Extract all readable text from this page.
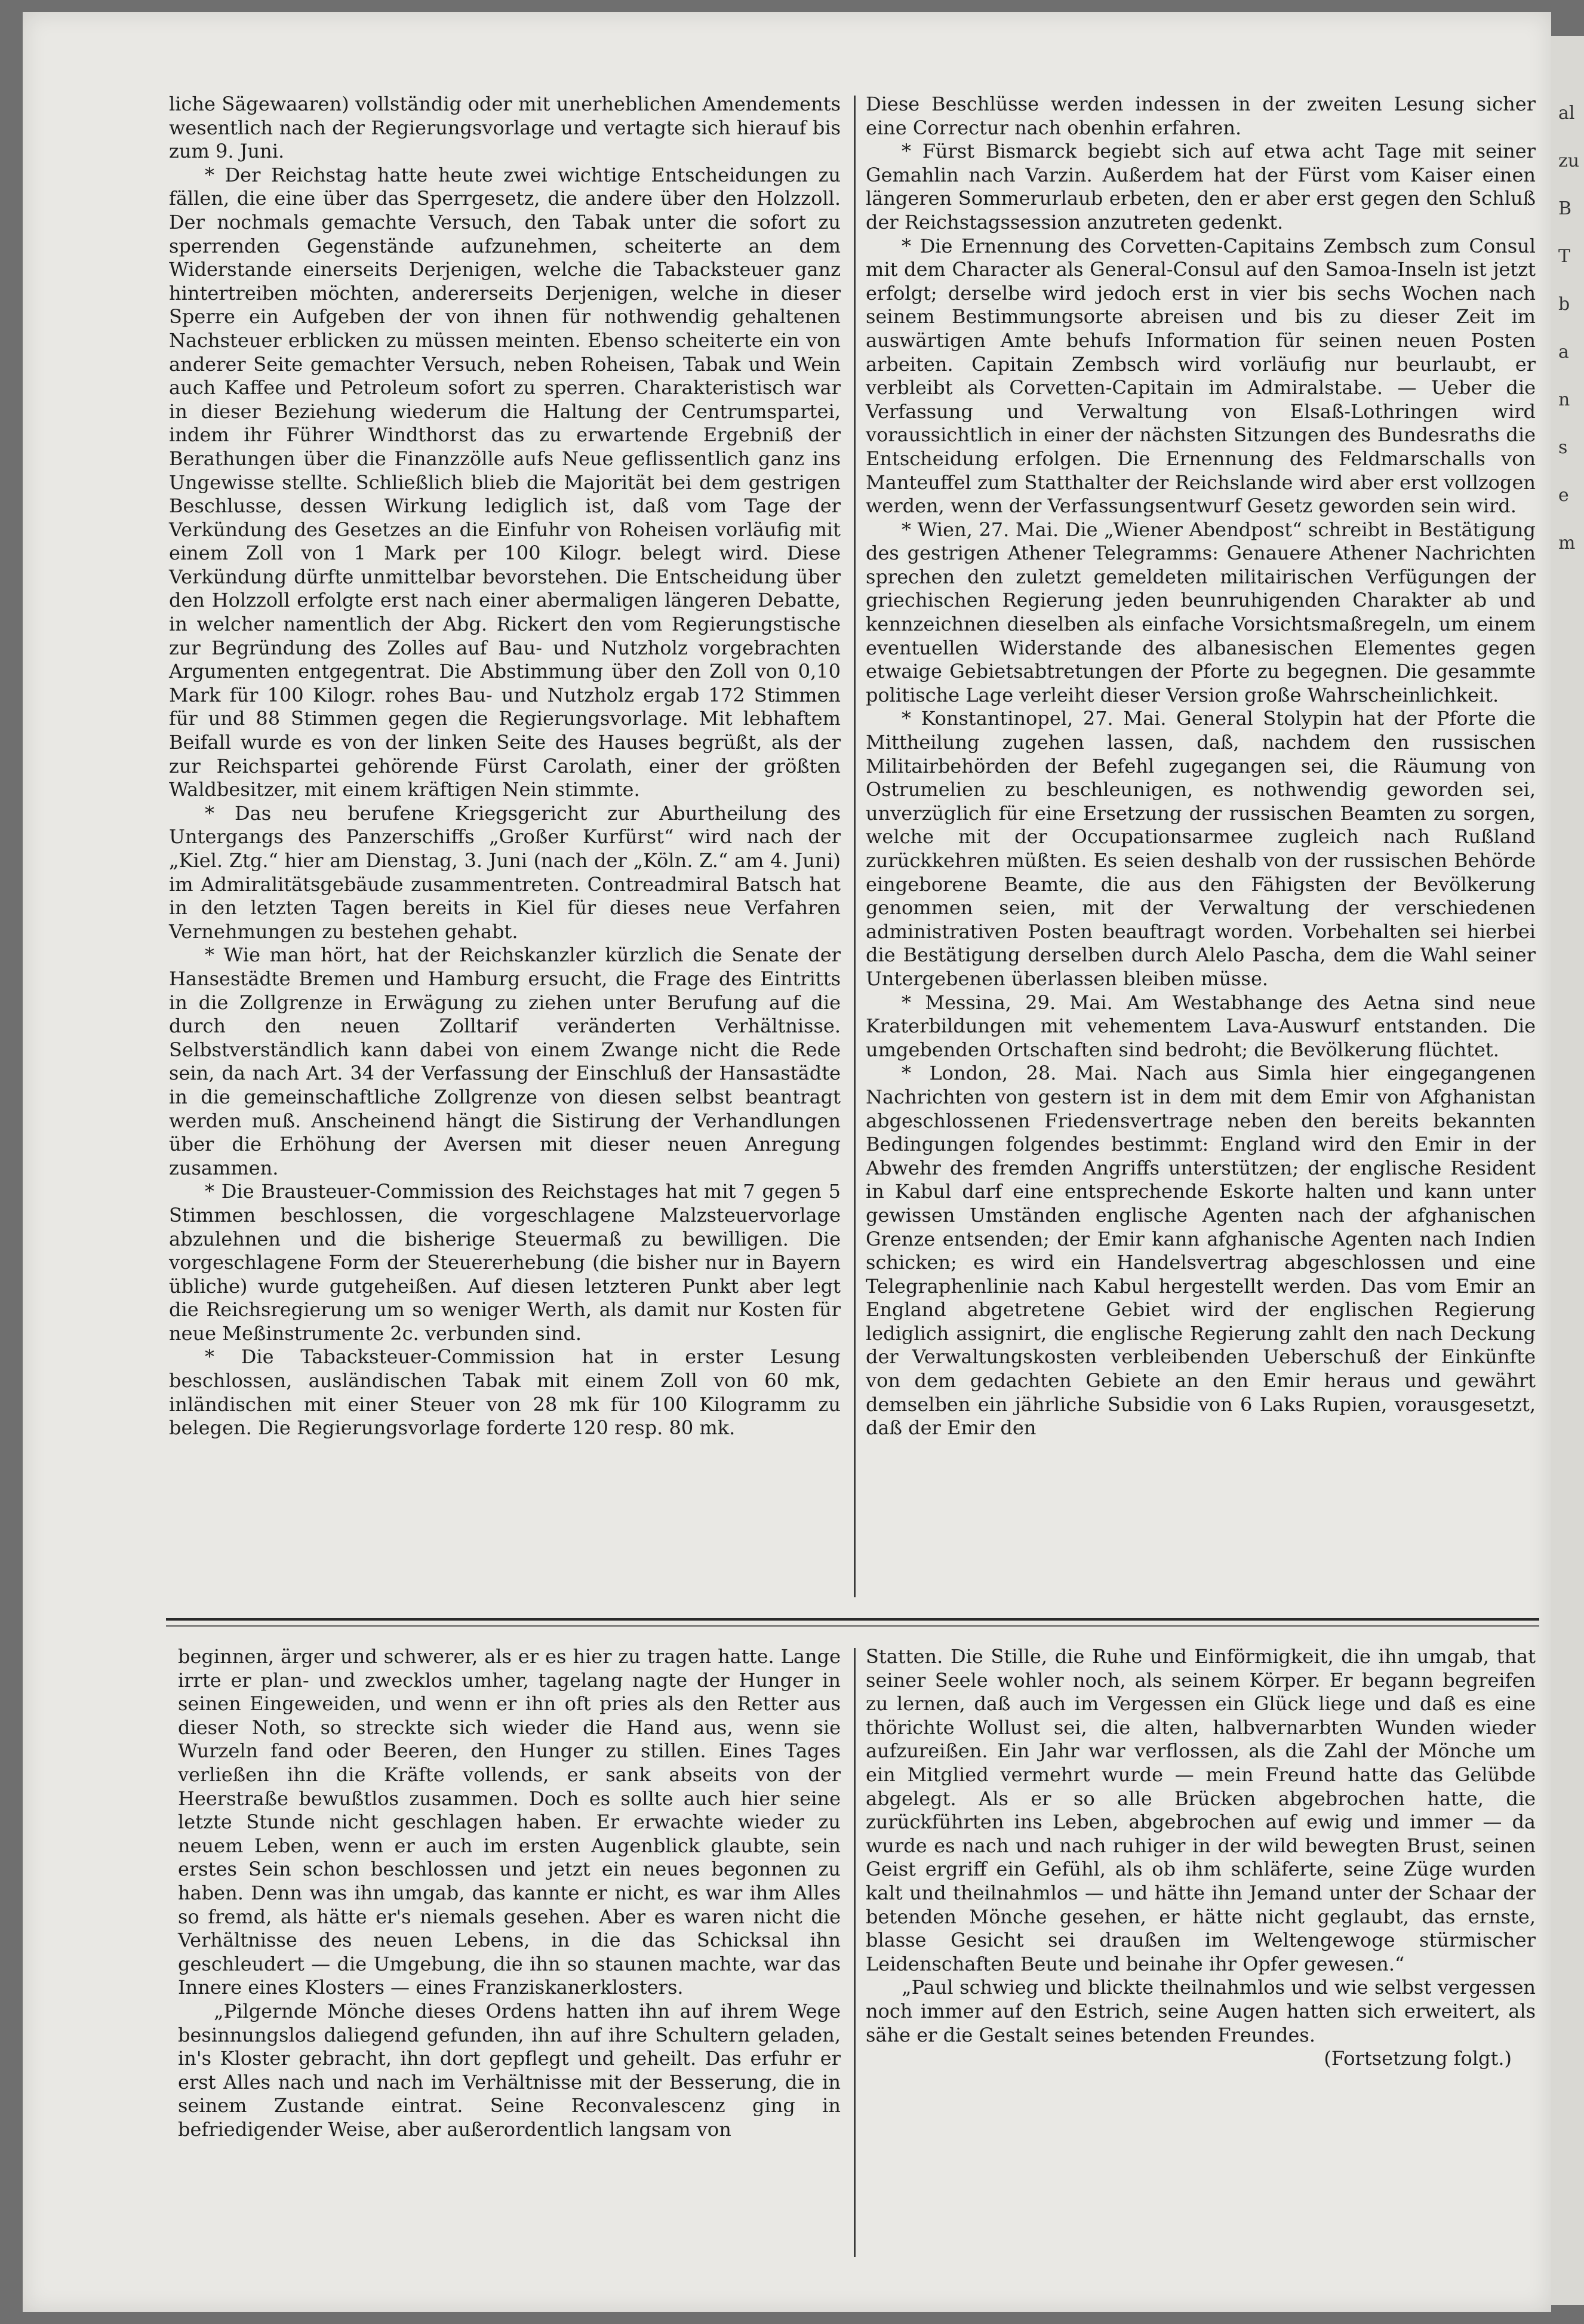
liche Sägewaaren) vollständig oder mit unerheblichen Amendements wesentlich nach der Regierungsvorlage und vertagte sich hierauf bis zum 9. Juni.

* Der Reichstag hatte heute zwei wichtige Entscheidungen zu fällen, die eine über das Sperrgesetz, die andere über den Holzzoll. Der nochmals gemachte Versuch, den Tabak unter die sofort zu sperrenden Gegenstände aufzunehmen, scheiterte an dem Widerstande einerseits Derjenigen, welche die Tabacksteuer ganz hintertreiben möchten, andererseits Derjenigen, welche in dieser Sperre ein Aufgeben der von ihnen für nothwendig gehaltenen Nachsteuer erblicken zu müssen meinten. Ebenso scheiterte ein von anderer Seite gemachter Versuch, neben Roheisen, Tabak und Wein auch Kaffee und Petroleum sofort zu sperren. Charakteristisch war in dieser Beziehung wiederum die Haltung der Centrumspartei, indem ihr Führer Windthorst das zu erwartende Ergebniß der Berathungen über die Finanzzölle aufs Neue geflissentlich ganz ins Ungewisse stellte. Schließlich blieb die Majorität bei dem gestrigen Beschlusse, dessen Wirkung lediglich ist, daß vom Tage der Verkündung des Gesetzes an die Einfuhr von Roheisen vorläufig mit einem Zoll von 1 Mark per 100 Kilogr. belegt wird. Diese Verkündung dürfte unmittelbar bevorstehen. Die Entscheidung über den Holzzoll erfolgte erst nach einer abermaligen längeren Debatte, in welcher namentlich der Abg. Rickert den vom Regierungstische zur Begründung des Zolles auf Bau- und Nutzholz vorgebrachten Argumenten entgegentrat. Die Abstimmung über den Zoll von 0,10 Mark für 100 Kilogr. rohes Bau- und Nutzholz ergab 172 Stimmen für und 88 Stimmen gegen die Regierungsvorlage. Mit lebhaftem Beifall wurde es von der linken Seite des Hauses begrüßt, als der zur Reichspartei gehörende Fürst Carolath, einer der größten Waldbesitzer, mit einem kräftigen Nein stimmte.

* Das neu berufene Kriegsgericht zur Aburtheilung des Untergangs des Panzerschiffs „Großer Kurfürst“ wird nach der „Kiel. Ztg.“ hier am Dienstag, 3. Juni (nach der „Köln. Z.“ am 4. Juni) im Admiralitätsgebäude zusammentreten. Contreadmiral Batsch hat in den letzten Tagen bereits in Kiel für dieses neue Verfahren Vernehmungen zu bestehen gehabt.

* Wie man hört, hat der Reichskanzler kürzlich die Senate der Hansestädte Bremen und Hamburg ersucht, die Frage des Eintritts in die Zollgrenze in Erwägung zu ziehen unter Berufung auf die durch den neuen Zolltarif veränderten Verhältnisse. Selbstverständlich kann dabei von einem Zwange nicht die Rede sein, da nach Art. 34 der Verfassung der Einschluß der Hansastädte in die gemeinschaftliche Zollgrenze von diesen selbst beantragt werden muß. Anscheinend hängt die Sistirung der Verhandlungen über die Erhöhung der Aversen mit dieser neuen Anregung zusammen.

* Die Brausteuer-Commission des Reichstages hat mit 7 gegen 5 Stimmen beschlossen, die vorgeschlagene Malzsteuervorlage abzulehnen und die bisherige Steuermaß zu bewilligen. Die vorgeschlagene Form der Steuererhebung (die bisher nur in Bayern übliche) wurde gutgeheißen. Auf diesen letzteren Punkt aber legt die Reichsregierung um so weniger Werth, als damit nur Kosten für neue Meßinstrumente 2c. verbunden sind.

* Die Tabacksteuer-Commission hat in erster Lesung beschlossen, ausländischen Tabak mit einem Zoll von 60 mk, inländischen mit einer Steuer von 28 mk für 100 Kilogramm zu belegen. Die Regierungsvorlage forderte 120 resp. 80 mk.

Diese Beschlüsse werden indessen in der zweiten Lesung sicher eine Correctur nach obenhin erfahren.

* Fürst Bismarck begiebt sich auf etwa acht Tage mit seiner Gemahlin nach Varzin. Außerdem hat der Fürst vom Kaiser einen längeren Sommerurlaub erbeten, den er aber erst gegen den Schluß der Reichstagssession anzutreten gedenkt.

* Die Ernennung des Corvetten-Capitains Zembsch zum Consul mit dem Character als General-Consul auf den Samoa-Inseln ist jetzt erfolgt; derselbe wird jedoch erst in vier bis sechs Wochen nach seinem Bestimmungsorte abreisen und bis zu dieser Zeit im auswärtigen Amte behufs Information für seinen neuen Posten arbeiten. Capitain Zembsch wird vorläufig nur beurlaubt, er verbleibt als Corvetten-Capitain im Admiralstabe. — Ueber die Verfassung und Verwaltung von Elsaß-Lothringen wird voraussichtlich in einer der nächsten Sitzungen des Bundesraths die Entscheidung erfolgen. Die Ernennung des Feldmarschalls von Manteuffel zum Statthalter der Reichslande wird aber erst vollzogen werden, wenn der Verfassungsentwurf Gesetz geworden sein wird.

* Wien, 27. Mai. Die „Wiener Abendpost“ schreibt in Bestätigung des gestrigen Athener Telegramms: Genauere Athener Nachrichten sprechen den zuletzt gemeldeten militairischen Verfügungen der griechischen Regierung jeden beunruhigenden Charakter ab und kennzeichnen dieselben als einfache Vorsichtsmaßregeln, um einem eventuellen Widerstande des albanesischen Elementes gegen etwaige Gebietsabtretungen der Pforte zu begegnen. Die gesammte politische Lage verleiht dieser Version große Wahrscheinlichkeit.

* Konstantinopel, 27. Mai. General Stolypin hat der Pforte die Mittheilung zugehen lassen, daß, nachdem den russischen Militairbehörden der Befehl zugegangen sei, die Räumung von Ostrumelien zu beschleunigen, es nothwendig geworden sei, unverzüglich für eine Ersetzung der russischen Beamten zu sorgen, welche mit der Occupationsarmee zugleich nach Rußland zurückkehren müßten. Es seien deshalb von der russischen Behörde eingeborene Beamte, die aus den Fähigsten der Bevölkerung genommen seien, mit der Verwaltung der verschiedenen administrativen Posten beauftragt worden. Vorbehalten sei hierbei die Bestätigung derselben durch Alelo Pascha, dem die Wahl seiner Untergebenen überlassen bleiben müsse.

* Messina, 29. Mai. Am Westabhange des Aetna sind neue Kraterbildungen mit vehementem Lava-Auswurf entstanden. Die umgebenden Ortschaften sind bedroht; die Bevölkerung flüchtet.

* London, 28. Mai. Nach aus Simla hier eingegangenen Nachrichten von gestern ist in dem mit dem Emir von Afghanistan abgeschlossenen Friedensvertrage neben den bereits bekannten Bedingungen folgendes bestimmt: England wird den Emir in der Abwehr des fremden Angriffs unterstützen; der englische Resident in Kabul darf eine entsprechende Eskorte halten und kann unter gewissen Umständen englische Agenten nach der afghanischen Grenze entsenden; der Emir kann afghanische Agenten nach Indien schicken; es wird ein Handelsvertrag abgeschlossen und eine Telegraphenlinie nach Kabul hergestellt werden. Das vom Emir an England abgetretene Gebiet wird der englischen Regierung lediglich assignirt, die englische Regierung zahlt den nach Deckung der Verwaltungskosten verbleibenden Ueberschuß der Einkünfte von dem gedachten Gebiete an den Emir heraus und gewährt demselben ein jährliche Subsidie von 6 Laks Rupien, vorausgesetzt, daß der Emir den

beginnen, ärger und schwerer, als er es hier zu tragen hatte. Lange irrte er plan- und zwecklos umher, tagelang nagte der Hunger in seinen Eingeweiden, und wenn er ihn oft pries als den Retter aus dieser Noth, so streckte sich wieder die Hand aus, wenn sie Wurzeln fand oder Beeren, den Hunger zu stillen. Eines Tages verließen ihn die Kräfte vollends, er sank abseits von der Heerstraße bewußtlos zusammen. Doch es sollte auch hier seine letzte Stunde nicht geschlagen haben. Er erwachte wieder zu neuem Leben, wenn er auch im ersten Augenblick glaubte, sein erstes Sein schon beschlossen und jetzt ein neues begonnen zu haben. Denn was ihn umgab, das kannte er nicht, es war ihm Alles so fremd, als hätte er's niemals gesehen. Aber es waren nicht die Verhältnisse des neuen Lebens, in die das Schicksal ihn geschleudert — die Umgebung, die ihn so staunen machte, war das Innere eines Klosters — eines Franziskanerklosters.

„Pilgernde Mönche dieses Ordens hatten ihn auf ihrem Wege besinnungslos daliegend gefunden, ihn auf ihre Schultern geladen, in's Kloster gebracht, ihn dort gepflegt und geheilt. Das erfuhr er erst Alles nach und nach im Verhältnisse mit der Besserung, die in seinem Zustande eintrat. Seine Reconvalescenz ging in befriedigender Weise, aber außerordentlich langsam von

Statten. Die Stille, die Ruhe und Einförmigkeit, die ihn umgab, that seiner Seele wohler noch, als seinem Körper. Er begann begreifen zu lernen, daß auch im Vergessen ein Glück liege und daß es eine thörichte Wollust sei, die alten, halbvernarbten Wunden wieder aufzureißen. Ein Jahr war verflossen, als die Zahl der Mönche um ein Mitglied vermehrt wurde — mein Freund hatte das Gelübde abgelegt. Als er so alle Brücken abgebrochen hatte, die zurückführten ins Leben, abgebrochen auf ewig und immer — da wurde es nach und nach ruhiger in der wild bewegten Brust, seinen Geist ergriff ein Gefühl, als ob ihm schläferte, seine Züge wurden kalt und theilnahmlos — und hätte ihn Jemand unter der Schaar der betenden Mönche gesehen, er hätte nicht geglaubt, das ernste, blasse Gesicht sei draußen im Weltengewoge stürmischer Leidenschaften Beute und beinahe ihr Opfer gewesen.“

„Paul schwieg und blickte theilnahmlos und wie selbst vergessen noch immer auf den Estrich, seine Augen hatten sich erweitert, als sähe er die Gestalt seines betenden Freundes.

(Fortsetzung folgt.)

al
zu
B
T
b
a
n
s
e
m
